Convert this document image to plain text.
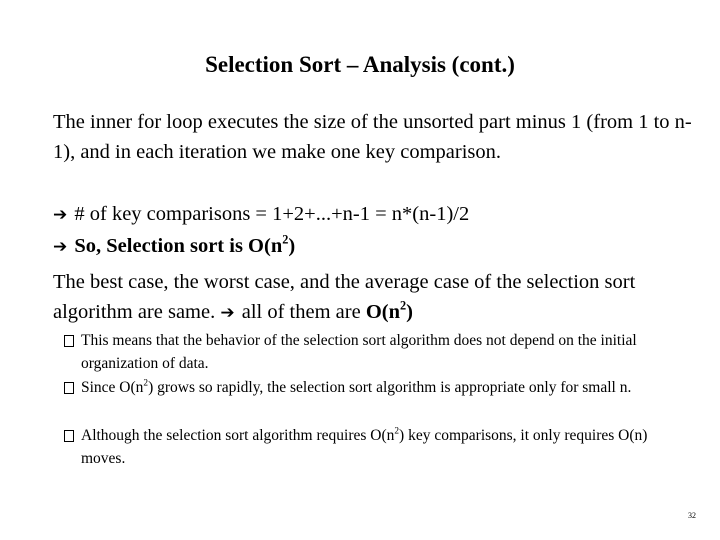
Selection Sort – Analysis (cont.)
The inner for loop executes the size of the unsorted part minus 1 (from 1 to n-1), and in each iteration we make one key comparison.
➔ # of key comparisons = 1+2+...+n-1 = n*(n-1)/2
➔ So, Selection sort is $O(n^2)$
The best case, the worst case, and the average case of the selection sort algorithm are same. ➔ all of them are $O(n^2)$
This means that the behavior of the selection sort algorithm does not depend on the initial organization of data.
Since $O(n^2)$ grows so rapidly, the selection sort algorithm is appropriate only for small n.
Although the selection sort algorithm requires $O(n^2)$ key comparisons, it only requires O(n) moves.
32
